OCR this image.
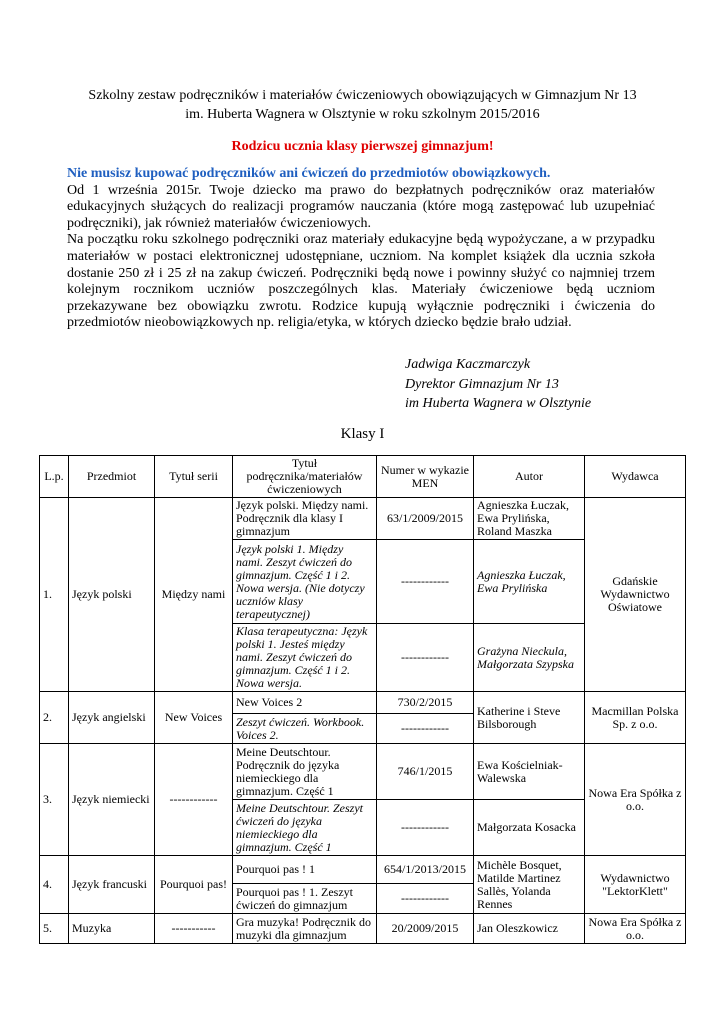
Szkolny zestaw podręczników i materiałów ćwiczeniowych obowiązujących w Gimnazjum Nr 13
im. Huberta Wagnera w Olsztynie w roku szkolnym 2015/2016
Rodzicu ucznia klasy pierwszej gimnazjum!

Nie musisz kupować podręczników ani ćwiczeń do przedmiotów obowiązkowych.

Od 1 września 2015r. Twoje dziecko ma prawo do bezpłatnych podręczników oraz materiałów edukacyjnych służących do realizacji programów nauczania (które mogą zastępować lub uzupełniać podręczniki), jak również materiałów ćwiczeniowych.

Na początku roku szkolnego podręczniki oraz materiały edukacyjne będą wypożyczane, a w przypadku materiałów w postaci elektronicznej udostępniane, uczniom. Na komplet książek dla ucznia szkoła dostanie 250 zł i 25 zł na zakup ćwiczeń. Podręczniki będą nowe i powinny służyć co najmniej trzem kolejnym rocznikom uczniów poszczególnych klas. Materiały ćwiczeniowe będą uczniom przekazywane bez obowiązku zwrotu. Rodzice kupują wyłącznie podręczniki i ćwiczenia do przedmiotów nieobowiązkowych np. religia/etyka, w których dziecko będzie brało udział.

Jadwiga Kaczmarczyk
Dyrektor Gimnazjum Nr 13
im Huberta Wagnera w Olsztynie
Klasy I
L.p.	Przedmiot	Tytuł serii	Tytuł podręcznika/materiałów ćwiczeniowych	Numer w wykazie MEN	Autor	Wydawca
1.	Język polski	Między nami	Język polski. Między nami. Podręcznik dla klasy I gimnazjum	63/1/2009/2015	Agnieszka Łuczak, Ewa Prylińska, Roland Maszka	Gdańskie Wydawnictwo Oświatowe
			Język polski 1. Między nami. Zeszyt ćwiczeń do gimnazjum. Część 1 i 2. Nowa wersja. (Nie dotyczy uczniów klasy terapeutycznej)	------------	Agnieszka Łuczak, Ewa Prylińska	
			Klasa terapeutyczna: Język polski 1. Jesteś między nami. Zeszyt ćwiczeń do gimnazjum. Część 1 i 2. Nowa wersja.	------------	Grażyna Nieckula, Małgorzata Szypska	
2.	Język angielski	New Voices	New Voices 2	730/2/2015	Katherine i Steve Bilsborough	Macmillan Polska Sp. z o.o.
			Zeszyt ćwiczeń. Workbook. Voices 2.	------------		
3.	Język niemiecki	------------	Meine Deutschtour. Podręcznik do języka niemieckiego dla gimnazjum. Część 1	746/1/2015	Ewa Kościelniak-Walewska	Nowa Era Spółka z o.o.
			Meine Deutschtour. Zeszyt ćwiczeń do języka niemieckiego dla gimnazjum. Część 1	------------	Małgorzata Kosacka	
4.	Język francuski	Pourquoi pas!	Pourquoi pas ! 1	654/1/2013/2015	Michèle Bosquet, Matilde Martinez Sallès, Yolanda Rennes	Wydawnictwo "LektorKlett"
			Pourquoi pas ! 1. Zeszyt ćwiczeń do gimnazjum	------------		
5.	Muzyka	-----------	Gra muzyka! Podręcznik do muzyki dla gimnazjum	20/2009/2015	Jan Oleszkowicz	Nowa Era Spółka z o.o.
